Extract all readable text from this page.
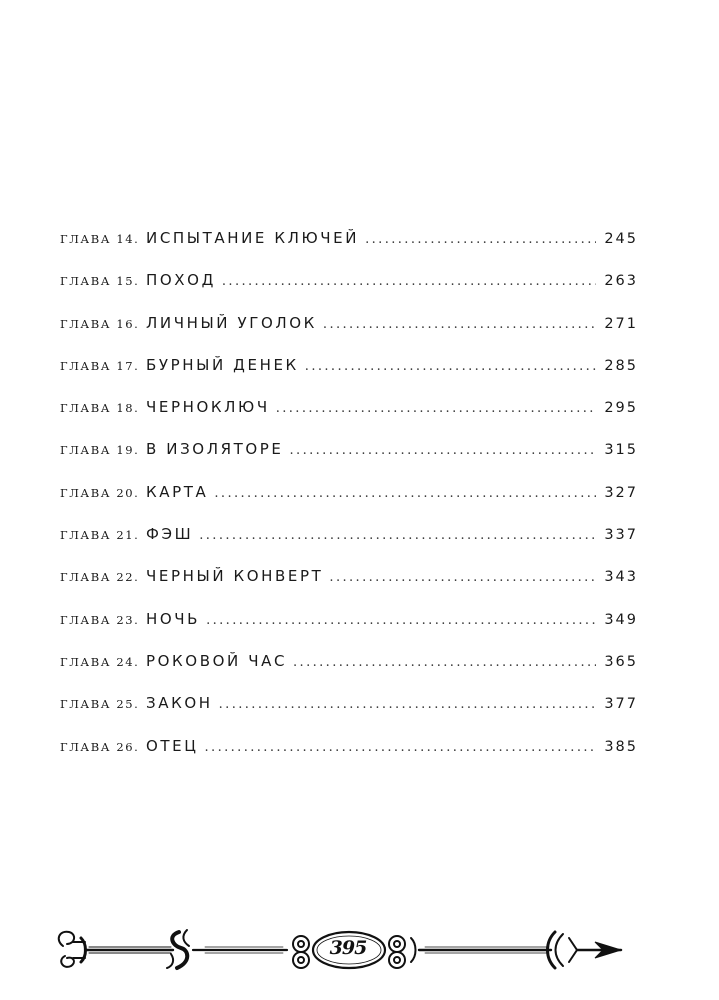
ГЛАВА 14. ИСПЫТАНИЕ КЛЮЧЕЙ .....	245
ГЛАВА 15. ПОХОД .....	263
ГЛАВА 16. ЛИЧНЫЙ УГОЛОК .....	271
ГЛАВА 17. БУРНЫЙ ДЕНЕК .....	285
ГЛАВА 18. ЧЕРНОКЛЮЧ .....	295
ГЛАВА 19. В ИЗОЛЯТОРЕ .....	315
ГЛАВА 20. КАРТА .....	327
ГЛАВА 21. ФЭШ .....	337
ГЛАВА 22. ЧЕРНЫЙ КОНВЕРТ .....	343
ГЛАВА 23. НОЧЬ .....	349
ГЛАВА 24. РОКОВОЙ ЧАС .....	365
ГЛАВА 25. ЗАКОН .....	377
ГЛАВА 26. ОТЕЦ .....	385
395
